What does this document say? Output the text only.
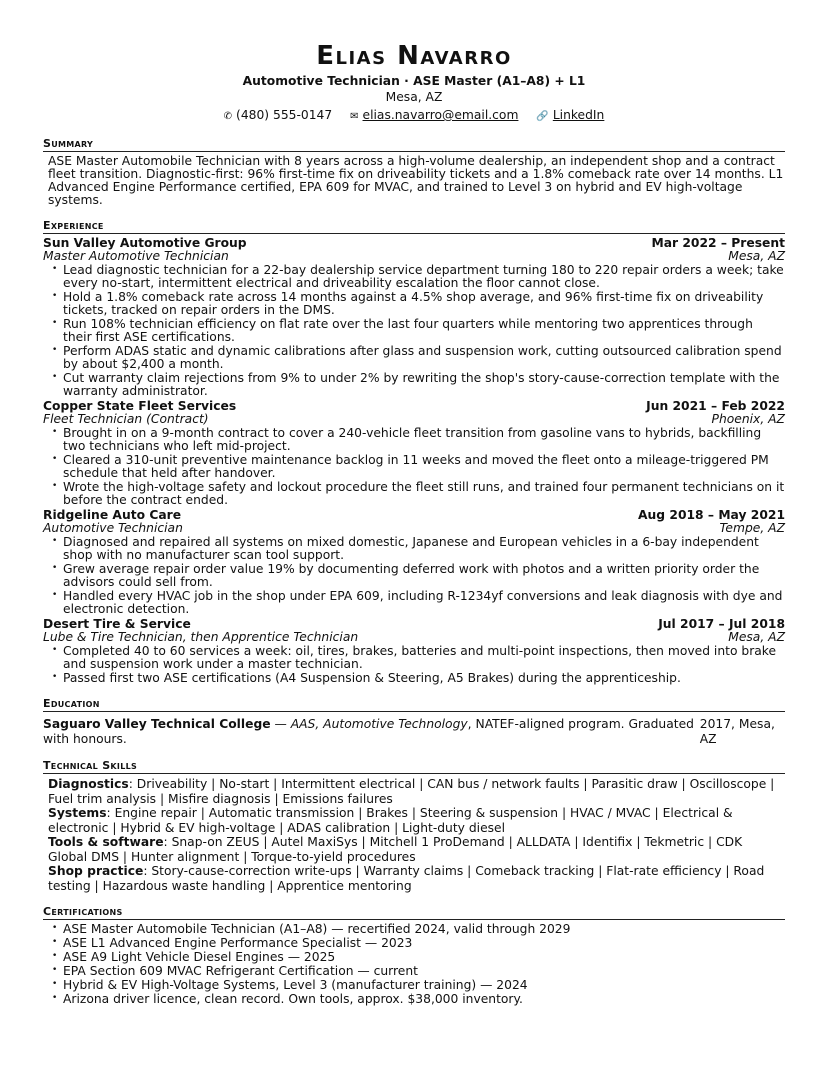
Elias Navarro
Automotive Technician · ASE Master (A1–A8) + L1
Mesa, AZ
✆ (480) 555-0147 ✉ elias.navarro@email.com 🔗 LinkedIn
Summary
ASE Master Automobile Technician with 8 years across a high-volume dealership, an independent shop and a contract fleet transition. Diagnostic-first: 96% first-time fix on driveability tickets and a 1.8% comeback rate over 14 months. L1 Advanced Engine Performance certified, EPA 609 for MVAC, and trained to Level 3 on hybrid and EV high-voltage systems.
Experience
Sun Valley Automotive Group	Mar 2022 – Present
Master Automotive Technician	Mesa, AZ
• Lead diagnostic technician for a 22-bay dealership service department turning 180 to 220 repair orders a week; take every no-start, intermittent electrical and driveability escalation the floor cannot close.
• Hold a 1.8% comeback rate across 14 months against a 4.5% shop average, and 96% first-time fix on driveability tickets, tracked on repair orders in the DMS.
• Run 108% technician efficiency on flat rate over the last four quarters while mentoring two apprentices through their first ASE certifications.
• Perform ADAS static and dynamic calibrations after glass and suspension work, cutting outsourced calibration spend by about $2,400 a month.
• Cut warranty claim rejections from 9% to under 2% by rewriting the shop's story-cause-correction template with the warranty administrator.
Copper State Fleet Services	Jun 2021 – Feb 2022
Fleet Technician (Contract)	Phoenix, AZ
• Brought in on a 9-month contract to cover a 240-vehicle fleet transition from gasoline vans to hybrids, backfilling two technicians who left mid-project.
• Cleared a 310-unit preventive maintenance backlog in 11 weeks and moved the fleet onto a mileage-triggered PM schedule that held after handover.
• Wrote the high-voltage safety and lockout procedure the fleet still runs, and trained four permanent technicians on it before the contract ended.
Ridgeline Auto Care	Aug 2018 – May 2021
Automotive Technician	Tempe, AZ
• Diagnosed and repaired all systems on mixed domestic, Japanese and European vehicles in a 6-bay independent shop with no manufacturer scan tool support.
• Grew average repair order value 19% by documenting deferred work with photos and a written priority order the advisors could sell from.
• Handled every HVAC job in the shop under EPA 609, including R-1234yf conversions and leak diagnosis with dye and electronic detection.
Desert Tire & Service	Jul 2017 – Jul 2018
Lube & Tire Technician, then Apprentice Technician	Mesa, AZ
• Completed 40 to 60 services a week: oil, tires, brakes, batteries and multi-point inspections, then moved into brake and suspension work under a master technician.
• Passed first two ASE certifications (A4 Suspension & Steering, A5 Brakes) during the apprenticeship.
Education
Saguaro Valley Technical College — AAS, Automotive Technology, NATEF-aligned program. Graduated with honours.
2017, Mesa, AZ
Technical Skills
Diagnostics: Driveability | No-start | Intermittent electrical | CAN bus / network faults | Parasitic draw | Oscilloscope | Fuel trim analysis | Misfire diagnosis | Emissions failures
Systems: Engine repair | Automatic transmission | Brakes | Steering & suspension | HVAC / MVAC | Electrical & electronic | Hybrid & EV high-voltage | ADAS calibration | Light-duty diesel
Tools & software: Snap-on ZEUS | Autel MaxiSys | Mitchell 1 ProDemand | ALLDATA | Identifix | Tekmetric | CDK Global DMS | Hunter alignment | Torque-to-yield procedures
Shop practice: Story-cause-correction write-ups | Warranty claims | Comeback tracking | Flat-rate efficiency | Road testing | Hazardous waste handling | Apprentice mentoring
Certifications
• ASE Master Automobile Technician (A1–A8) — recertified 2024, valid through 2029
• ASE L1 Advanced Engine Performance Specialist — 2023
• ASE A9 Light Vehicle Diesel Engines — 2025
• EPA Section 609 MVAC Refrigerant Certification — current
• Hybrid & EV High-Voltage Systems, Level 3 (manufacturer training) — 2024
• Arizona driver licence, clean record. Own tools, approx. $38,000 inventory.
